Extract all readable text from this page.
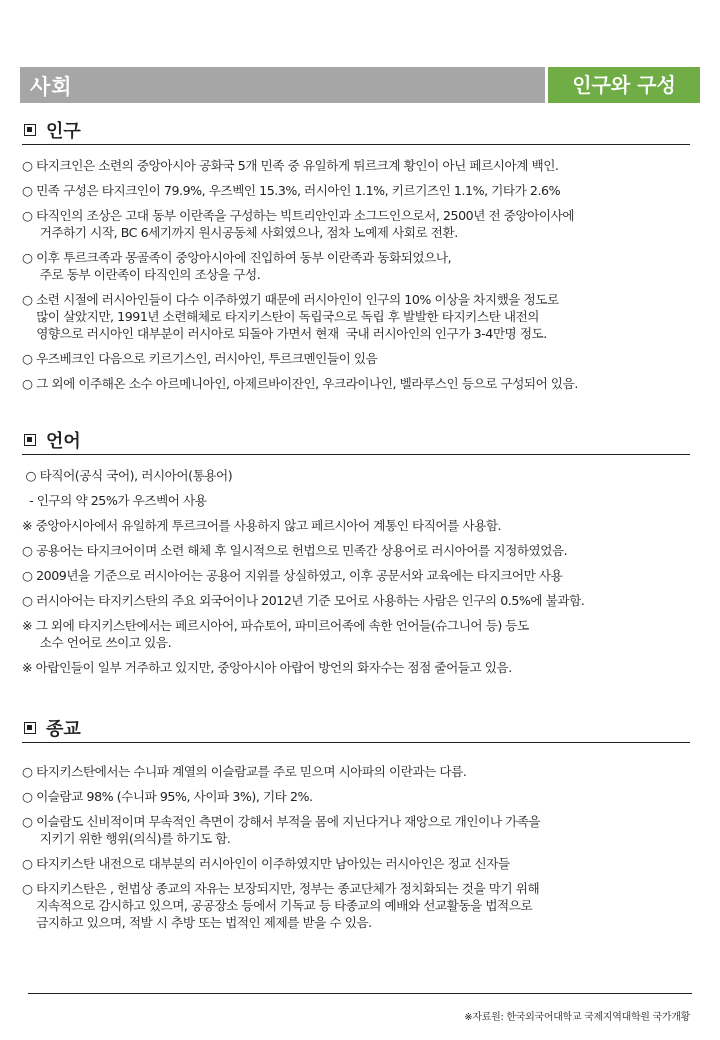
사회	인구와 구성
인구
○ 타지크인은 소련의 중앙아시아 공화국 5개 민족 중 유일하게 튀르크계 황인이 아닌 페르시아계 백인.
○ 민족 구성은 타지크인이 79.9%, 우즈벡인 15.3%, 러시아인 1.1%, 키르기즈인 1.1%, 기타가 2.6%
○ 타직인의 조상은 고대 동부 이란족을 구성하는 빅트리안인과 소그드인으로서, 2500년 전 중앙아이사에
거주하기 시작, BC 6세기까지 원시공동체 사회였으나, 점차 노예제 사회로 전환.
○ 이후 투르크족과 몽골족이 중앙아시아에 진입하여 동부 이란족과 동화되었으나,
주로 동부 이란족이 타직인의 조상을 구성.
○ 소련 시절에 러시아인들이 다수 이주하였기 때문에 러시아인이 인구의 10% 이상을 차지했을 정도로
많이 살았지만, 1991년 소련해체로 타지키스탄이 독립국으로 독립 후 발발한 타지키스탄 내전의
영향으로 러시아인 대부분이 러시아로 되돌아 가면서 현재  국내 러시아인의 인구가 3-4만명 정도.
○ 우즈베크인 다음으로 키르기스인, 러시아인, 투르크멘인들이 있음
○ 그 외에 이주해온 소수 아르메니아인, 아제르바이잔인, 우크라이나인, 벨라루스인 등으로 구성되어 있음.
언어
○ 타직어(공식 국어), 러시아어(통용어)
- 인구의 약 25%가 우즈벡어 사용
※ 중앙아시아에서 유일하게 투르크어를 사용하지 않고 페르시아어 계통인 타직어를 사용함.
○ 공용어는 타지크어이며 소련 해체 후 일시적으로 헌법으로 민족간 상용어로 러시아어를 지정하였었음.
○ 2009년을 기준으로 러시아어는 공용어 지위를 상실하였고, 이후 공문서와 교육에는 타지크어만 사용
○ 러시아어는 타지키스탄의 주요 외국어이나 2012년 기준 모어로 사용하는 사람은 인구의 0.5%에 불과함.
※ 그 외에 타지키스탄에서는 페르시아어, 파슈토어, 파미르어족에 속한 언어들(슈그니어 등) 등도
소수 언어로 쓰이고 있음.
※ 아랍인들이 일부 거주하고 있지만, 중앙아시아 아랍어 방언의 화자수는 점점 줄어들고 있음.
종교
○ 타지키스탄에서는 수니파 계열의 이슬람교를 주로 믿으며 시아파의 이란과는 다름.
○ 이슬람교 98% (수니파 95%, 사이파 3%), 기타 2%.
○ 이슬람도 신비적이며 무속적인 측면이 강해서 부적을 몸에 지닌다거나 재앙으로 개인이나 가족을
지키기 위한 행위(의식)를 하기도 함.
○ 타지키스탄 내전으로 대부분의 러시아인이 이주하였지만 남아있는 러시아인은 정교 신자들
○ 타지키스탄은 , 헌법상 종교의 자유는 보장되지만, 정부는 종교단체가 정치화되는 것을 막기 위해
지속적으로 감시하고 있으며, 공공장소 등에서 기독교 등 타종교의 예배와 선교활동을 법적으로
금지하고 있으며, 적발 시 추방 또는 법적인 제제를 받을 수 있음.
※자료원: 한국외국어대학교 국제지역대학원 국가개황
